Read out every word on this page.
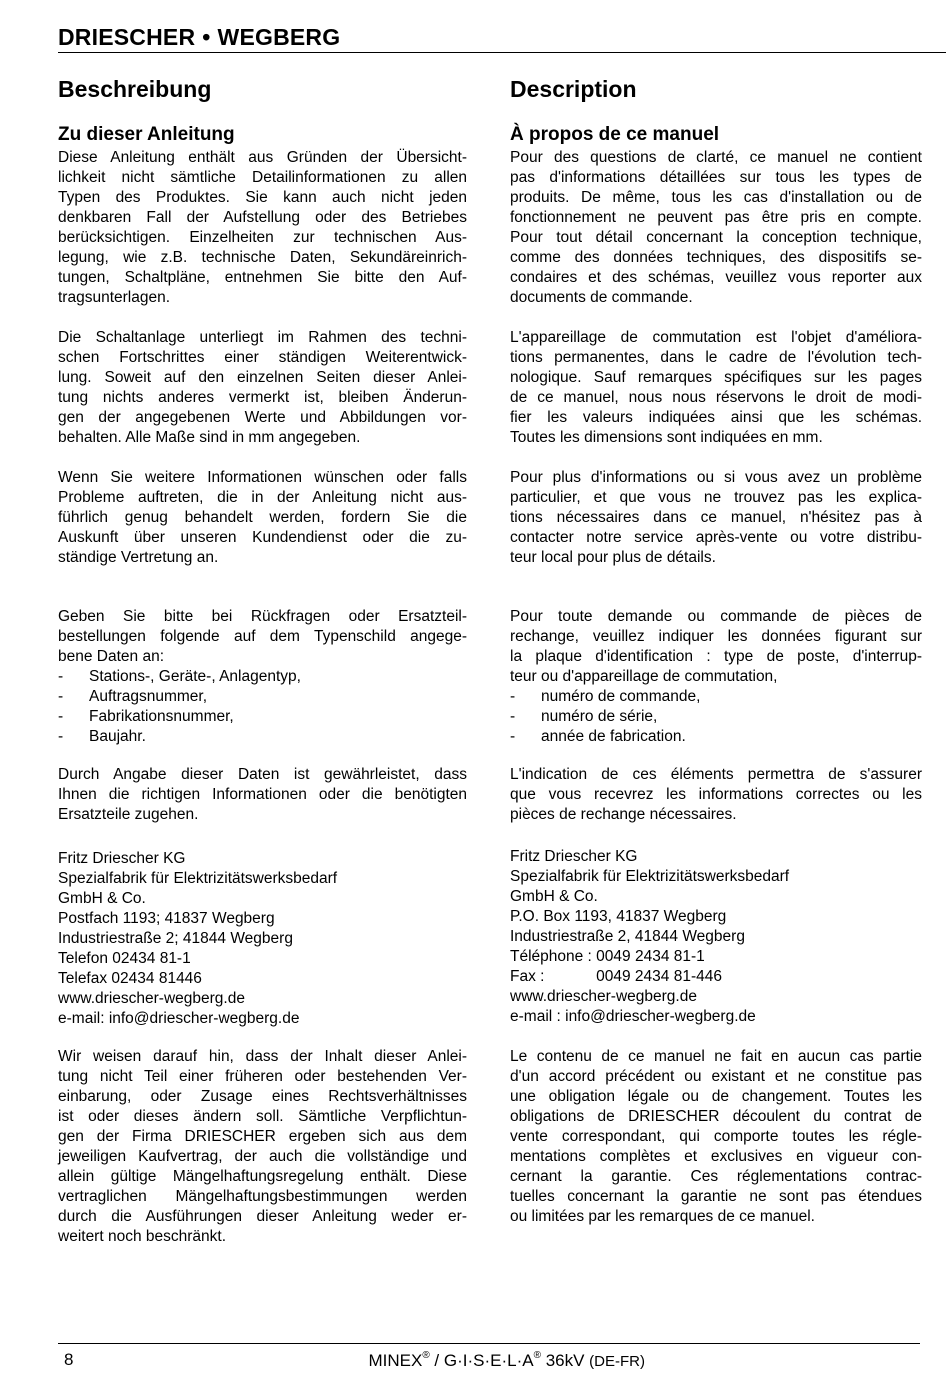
DRIESCHER • WEGBERG
Beschreibung
Zu dieser Anleitung
Diese Anleitung enthält aus Gründen der Übersicht-
lichkeit nicht sämtliche Detailinformationen zu allen
Typen des Produktes. Sie kann auch nicht jeden
denkbaren Fall der Aufstellung oder des Betriebes
berücksichtigen. Einzelheiten zur technischen Aus-
legung, wie z.B. technische Daten, Sekundäreinrich-
tungen, Schaltpläne, entnehmen Sie bitte den Auf-
tragsunterlagen.
Die Schaltanlage unterliegt im Rahmen des techni-
schen Fortschrittes einer ständigen Weiterentwick-
lung. Soweit auf den einzelnen Seiten dieser Anlei-
tung nichts anderes vermerkt ist, bleiben Änderun-
gen der angegebenen Werte und Abbildungen vor-
behalten. Alle Maße sind in mm angegeben.
Wenn Sie weitere Informationen wünschen oder falls
Probleme auftreten, die in der Anleitung nicht aus-
führlich genug behandelt werden, fordern Sie die
Auskunft über unseren Kundendienst oder die zu-
ständige Vertretung an.
Geben Sie bitte bei Rückfragen oder Ersatzteil-
bestellungen folgende auf dem Typenschild angege-
bene Daten an:
- Stations-, Geräte-, Anlagentyp,
- Auftragsnummer,
- Fabrikationsnummer,
- Baujahr.
Durch Angabe dieser Daten ist gewährleistet, dass
Ihnen die richtigen Informationen oder die benötigten
Ersatzteile zugehen.
Fritz Driescher KG
Spezialfabrik für Elektrizitätswerksbedarf
GmbH & Co.
Postfach 1193; 41837 Wegberg
Industriestraße 2; 41844 Wegberg
Telefon 02434 81-1
Telefax 02434 81446
www.driescher-wegberg.de
e-mail: info@driescher-wegberg.de
Wir weisen darauf hin, dass der Inhalt dieser Anlei-
tung nicht Teil einer früheren oder bestehenden Ver-
einbarung, oder Zusage eines Rechtsverhältnisses
ist oder dieses ändern soll. Sämtliche Verpflichtun-
gen der Firma DRIESCHER ergeben sich aus dem
jeweiligen Kaufvertrag, der auch die vollständige und
allein gültige Mängelhaftungsregelung enthält. Diese
vertraglichen Mängelhaftungsbestimmungen werden
durch die Ausführungen dieser Anleitung weder er-
weitert noch beschränkt.
Description
À propos de ce manuel
Pour des questions de clarté, ce manuel ne contient
pas d'informations détaillées sur tous les types de
produits. De même, tous les cas d'installation ou de
fonctionnement ne peuvent pas être pris en compte.
Pour tout détail concernant la conception technique,
comme des données techniques, des dispositifs se-
condaires et des schémas, veuillez vous reporter aux
documents de commande.
L'appareillage de commutation est l'objet d'améliora-
tions permanentes, dans le cadre de l'évolution tech-
nologique. Sauf remarques spécifiques sur les pages
de ce manuel, nous nous réservons le droit de modi-
fier les valeurs indiquées ainsi que les schémas.
Toutes les dimensions sont indiquées en mm.
Pour plus d'informations ou si vous avez un problème
particulier, et que vous ne trouvez pas les explica-
tions nécessaires dans ce manuel, n'hésitez pas à
contacter notre service après-vente ou votre distribu-
teur local pour plus de détails.
Pour toute demande ou commande de pièces de
rechange, veuillez indiquer les données figurant sur
la plaque d'identification : type de poste, d'interrup-
teur ou d'appareillage de commutation,
- numéro de commande,
- numéro de série,
- année de fabrication.
L'indication de ces éléments permettra de s'assurer
que vous recevrez les informations correctes ou les
pièces de rechange nécessaires.
Fritz Driescher KG
Spezialfabrik für Elektrizitätswerksbedarf
GmbH & Co.
P.O. Box 1193, 41837 Wegberg
Industriestraße 2, 41844 Wegberg
Téléphone : 0049 2434 81-1
Fax :            0049 2434 81-446
www.driescher-wegberg.de
e-mail : info@driescher-wegberg.de
Le contenu de ce manuel ne fait en aucun cas partie
d'un accord précédent ou existant et ne constitue pas
une obligation légale ou de changement. Toutes les
obligations de DRIESCHER découlent du contrat de
vente correspondant, qui comporte toutes les régle-
mentations complètes et exclusives en vigueur con-
cernant la garantie. Ces réglementations contrac-
tuelles concernant la garantie ne sont pas étendues
ou limitées par les remarques de ce manuel.
8	MINEX® / G·I·S·E·L·A® 36kV (DE-FR)
